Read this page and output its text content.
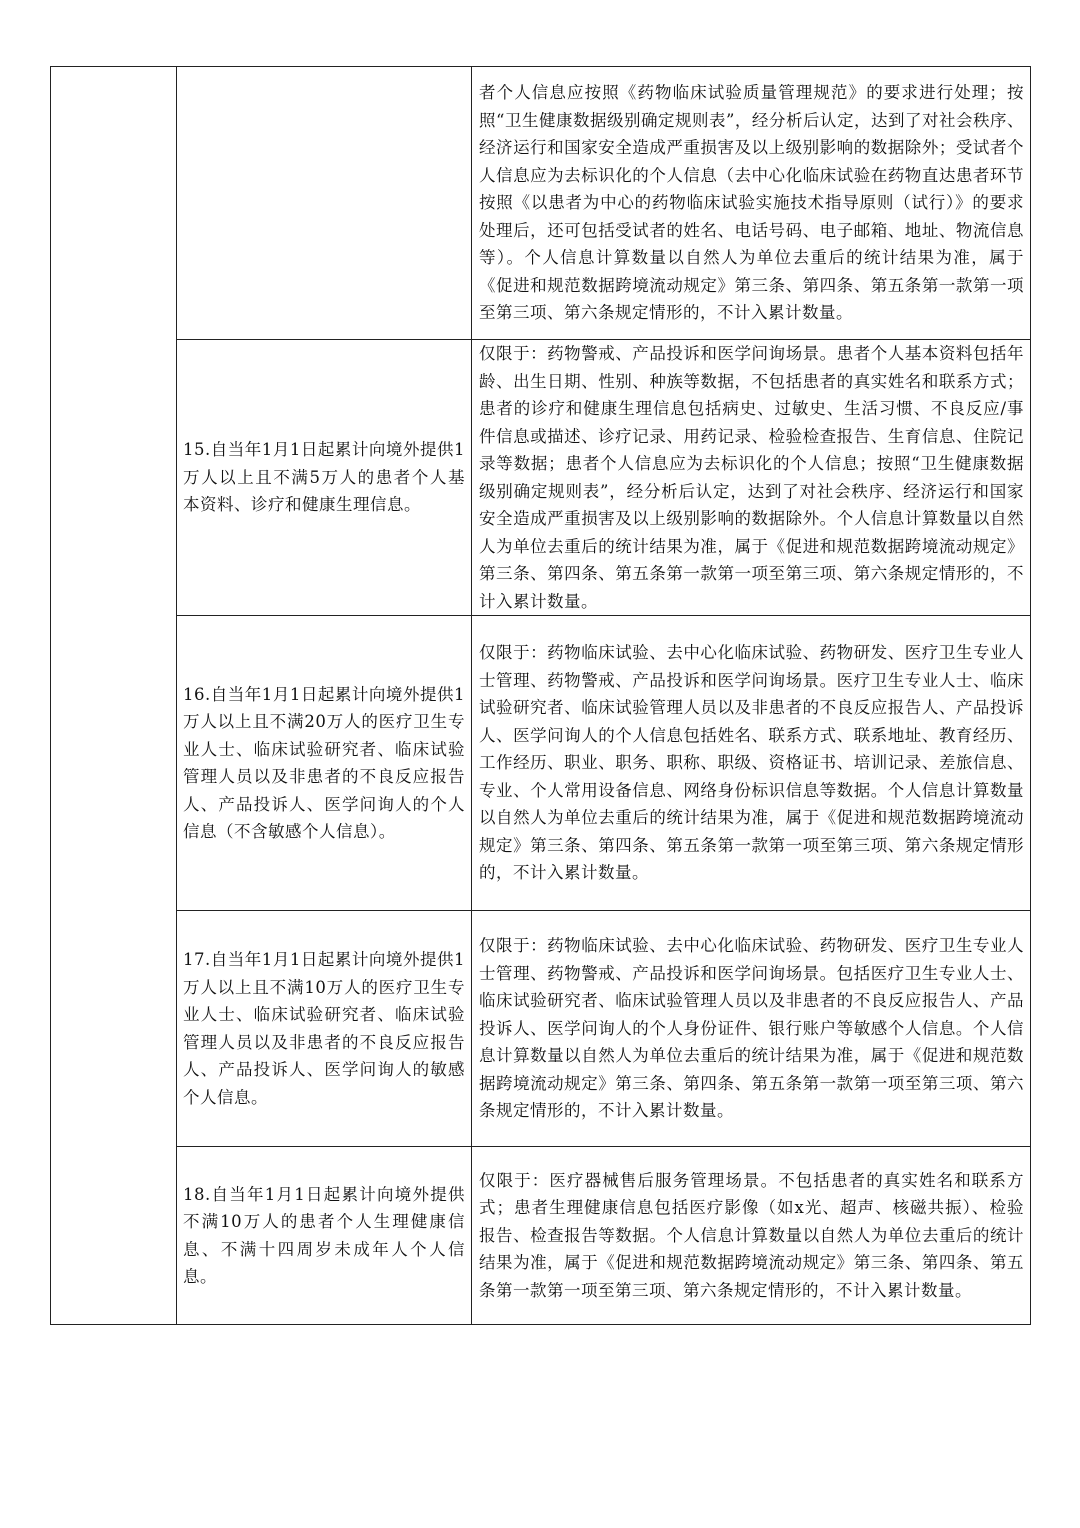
		者个人信息应按照《药物临床试验质量管理规范》的要求进行处理；按照“卫生健康数据级别确定规则表”，经分析后认定，达到了对社会秩序、经济运行和国家安全造成严重损害及以上级别影响的数据除外；受试者个人信息应为去标识化的个人信息（去中心化临床试验在药物直达患者环节按照《以患者为中心的药物临床试验实施技术指导原则（试行）》的要求处理后，还可包括受试者的姓名、电话号码、电子邮箱、地址、物流信息等）。个人信息计算数量以自然人为单位去重后的统计结果为准，属于《促进和规范数据跨境流动规定》第三条、第四条、第五条第一款第一项至第三项、第六条规定情形的，不计入累计数量。

	15.自当年1月1日起累计向境外提供1万人以上且不满5万人的患者个人基本资料、诊疗和健康生理信息。	仅限于：药物警戒、产品投诉和医学问询场景。患者个人基本资料包括年龄、出生日期、性别、种族等数据，不包括患者的真实姓名和联系方式；患者的诊疗和健康生理信息包括病史、过敏史、生活习惯、不良反应/事件信息或描述、诊疗记录、用药记录、检验检查报告、生育信息、住院记录等数据；患者个人信息应为去标识化的个人信息；按照“卫生健康数据级别确定规则表”，经分析后认定，达到了对社会秩序、经济运行和国家安全造成严重损害及以上级别影响的数据除外。个人信息计算数量以自然人为单位去重后的统计结果为准，属于《促进和规范数据跨境流动规定》第三条、第四条、第五条第一款第一项至第三项、第六条规定情形的，不计入累计数量。

	16.自当年1月1日起累计向境外提供1万人以上且不满20万人的医疗卫生专业人士、临床试验研究者、临床试验管理人员以及非患者的不良反应报告人、产品投诉人、医学问询人的个人信息（不含敏感个人信息）。	仅限于：药物临床试验、去中心化临床试验、药物研发、医疗卫生专业人士管理、药物警戒、产品投诉和医学问询场景。医疗卫生专业人士、临床试验研究者、临床试验管理人员以及非患者的不良反应报告人、产品投诉人、医学问询人的个人信息包括姓名、联系方式、联系地址、教育经历、工作经历、职业、职务、职称、职级、资格证书、培训记录、差旅信息、专业、个人常用设备信息、网络身份标识信息等数据。个人信息计算数量以自然人为单位去重后的统计结果为准，属于《促进和规范数据跨境流动规定》第三条、第四条、第五条第一款第一项至第三项、第六条规定情形的，不计入累计数量。

	17.自当年1月1日起累计向境外提供1万人以上且不满10万人的医疗卫生专业人士、临床试验研究者、临床试验管理人员以及非患者的不良反应报告人、产品投诉人、医学问询人的敏感个人信息。	仅限于：药物临床试验、去中心化临床试验、药物研发、医疗卫生专业人士管理、药物警戒、产品投诉和医学问询场景。包括医疗卫生专业人士、临床试验研究者、临床试验管理人员以及非患者的不良反应报告人、产品投诉人、医学问询人的个人身份证件、银行账户等敏感个人信息。个人信息计算数量以自然人为单位去重后的统计结果为准，属于《促进和规范数据跨境流动规定》第三条、第四条、第五条第一款第一项至第三项、第六条规定情形的，不计入累计数量。

	18.自当年1月1日起累计向境外提供不满10万人的患者个人生理健康信息、不满十四周岁未成年人个人信息。	仅限于：医疗器械售后服务管理场景。不包括患者的真实姓名和联系方式；患者生理健康信息包括医疗影像（如x光、超声、核磁共振）、检验报告、检查报告等数据。个人信息计算数量以自然人为单位去重后的统计结果为准，属于《促进和规范数据跨境流动规定》第三条、第四条、第五条第一款第一项至第三项、第六条规定情形的，不计入累计数量。
